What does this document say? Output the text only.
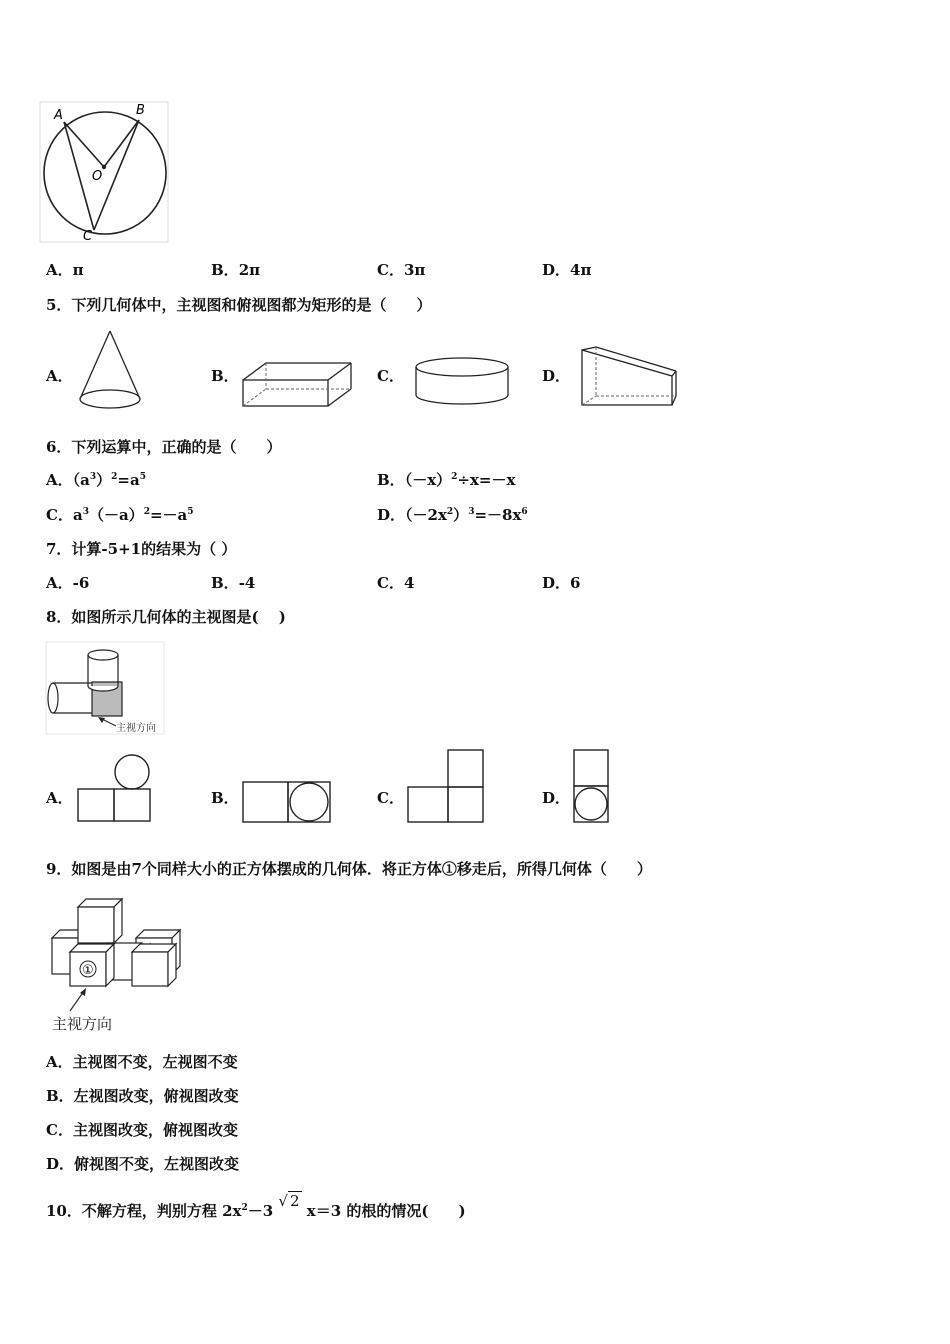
A	B
O
C
A．π	B．2π	C．3π	D．4π
5．下列几何体中，主视图和俯视图都为矩形的是（　　）
A．	B．	C．	D．
6．下列运算中，正确的是（　　）
A．$(a^3)^2=a^5$	B．$(-x)^2\div x=-x$
C．$a^3(-a)^2=-a^5$	D．$(-2x^2)^3=-8x^6$
7．计算-5+1的结果为（ ）
A．-6	B．-4	C．4	D．6
8．如图所示几何体的主视图是(　 )
主视方向
A．	B．	C．	D．
9．如图是由7个同样大小的正方体摆成的几何体．将正方体①移走后，所得几何体（　　）
①
主视方向
A．主视图不变，左视图不变
B．左视图改变，俯视图改变
C．主视图改变，俯视图改变
D．俯视图不变，左视图改变
10．不解方程，判别方程 $2x^2-3$ √ 2 x＝3 的根的情况(　　)
